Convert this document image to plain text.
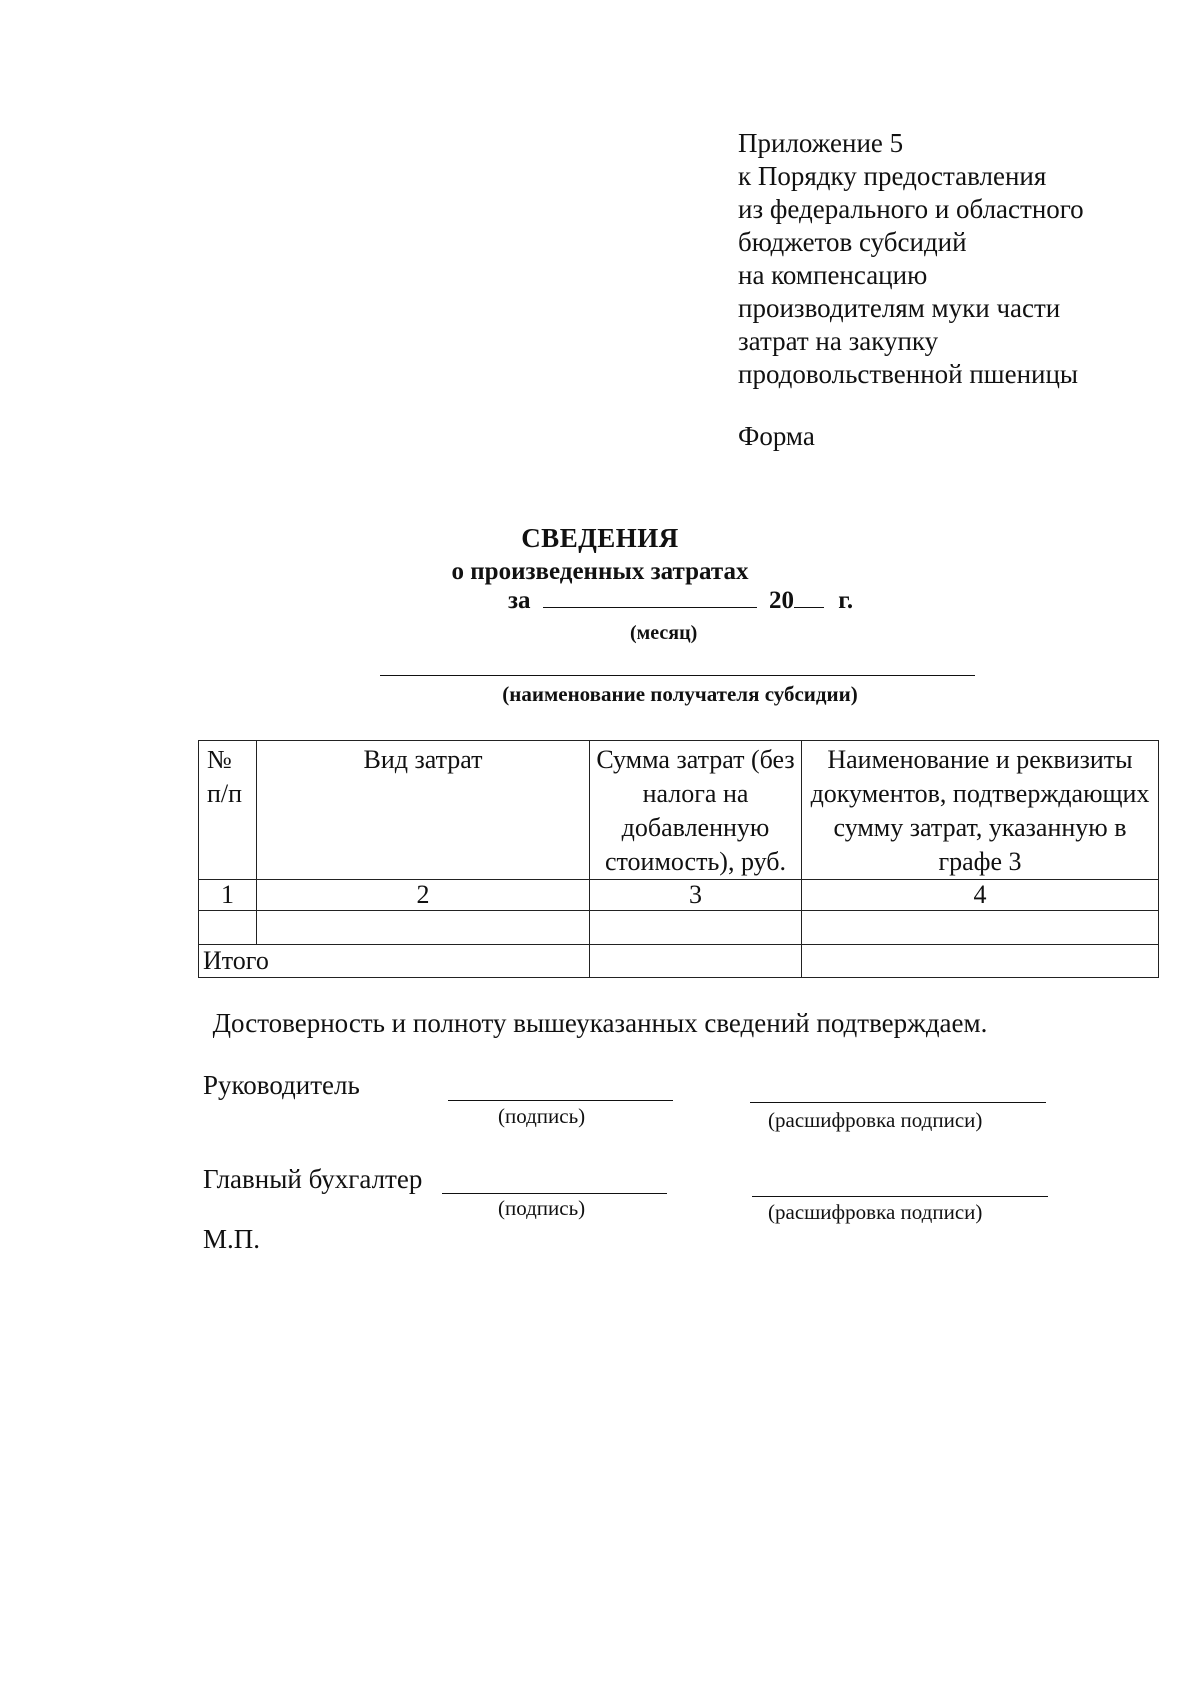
Приложение 5
к Порядку предоставления
из федерального и областного
бюджетов субсидий
на компенсацию
производителям муки части
затрат на закупку
продовольственной пшеницы
Форма
СВЕДЕНИЯ
о произведенных затратах
за	20 г.
(месяц)
(наименование получателя субсидии)
№ п/п	Вид затрат	Сумма затрат (без налога на добавленную стоимость), руб.	Наименование и реквизиты документов, подтверждающих сумму затрат, указанную в графе 3

1	2	3	4

Итого			
Достоверность и полноту вышеуказанных сведений подтверждаем.
Руководитель
(подпись)	(расшифровка подписи)
Главный бухгалтер
(подпись)	(расшифровка подписи)
М.П.
